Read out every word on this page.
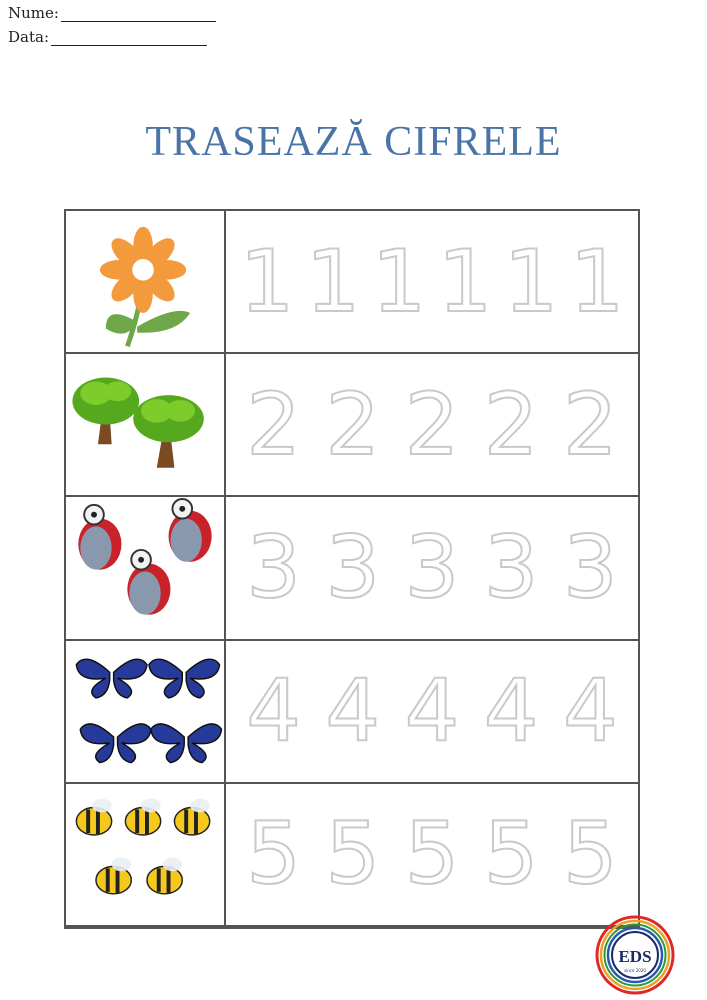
Nume:
Data:
TRASEAZĂ CIFRELE
1 1 1 1 1 1
2 2 2 2 2
3 3 3 3 3
4 4 4 4 4
5 5 5 5 5
EDS
since 2020
